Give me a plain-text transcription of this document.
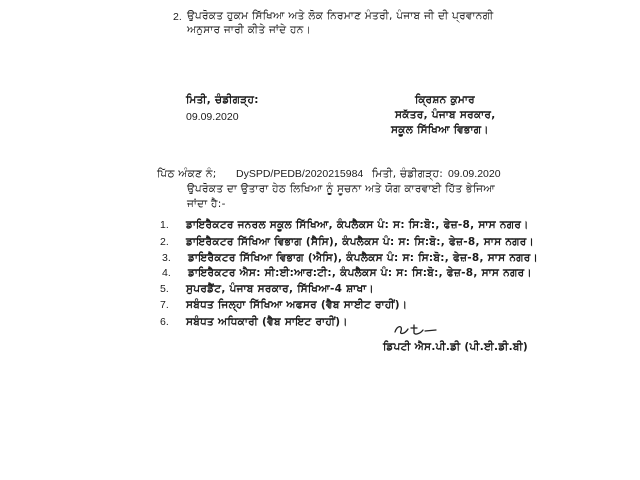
2. ਉਪਰੋਕਤ ਹੁਕਮ ਸਿੱਖਿਆ ਅਤੇ ਲੋਕ ਨਿਰਮਾਣ ਮੰਤਰੀ, ਪੰਜਾਬ ਜੀ ਦੀ ਪ੍ਰਵਾਨਗੀ
ਅਨੁਸਾਰ ਜਾਰੀ ਕੀਤੇ ਜਾਂਦੇ ਹਨ।
ਮਿਤੀ, ਚੰਡੀਗੜ੍ਹ:
09.09.2020
ਕ੍ਰਿਸ਼ਨ ਕੁਮਾਰ
ਸਕੱਤਰ, ਪੰਜਾਬ ਸਰਕਾਰ,
ਸਕੂਲ ਸਿੱਖਿਆ ਵਿਭਾਗ।
ਪਿੱਠ ਅੰਕਣ ਨੰ; DySPD/PEDB/2020215984 ਮਿਤੀ, ਚੰਡੀਗੜ੍ਹ: 09.09.2020
ਉਪਰੋਕਤ ਦਾ ਉਤਾਰਾ ਹੇਠ ਲਿਖਿਆ ਨੂੰ ਸੂਚਨਾ ਅਤੇ ਯੋਗ ਕਾਰਵਾਈ ਹਿੱਤ ਭੇਜਿਆ
ਜਾਂਦਾ ਹੈ:-
1. ਡਾਇਰੈਕਟਰ ਜਨਰਲ ਸਕੂਲ ਸਿੱਖਿਆ, ਕੰਪਲੈਕਸ ਪੰ: ਸ: ਸਿ:ਬੋ:, ਫੇਜ਼-8, ਸਾਸ ਨਗਰ।
2. ਡਾਇਰੈਕਟਰ ਸਿੱਖਿਆ ਵਿਭਾਗ (ਸੈਸਿ), ਕੰਪਲੈਕਸ ਪੰ: ਸ: ਸਿ:ਬੋ:, ਫੇਜ਼-8, ਸਾਸ ਨਗਰ।
3. ਡਾਇਰੈਕਟਰ ਸਿੱਖਿਆ ਵਿਭਾਗ (ਐਸਿ), ਕੰਪਲੈਕਸ ਪੰ: ਸ: ਸਿ:ਬੋ:, ਫੇਜ਼-8, ਸਾਸ ਨਗਰ।
4. ਡਾਇਰੈਕਟਰ ਐਸ: ਸੀ:ਈ:ਆਰ:ਟੀ:, ਕੰਪਲੈਕਸ ਪੰ: ਸ: ਸਿ:ਬੋ:, ਫੇਜ਼-8, ਸਾਸ ਨਗਰ।
5. ਸੁਪਰਡੈਂਟ, ਪੰਜਾਬ ਸਰਕਾਰ, ਸਿੱਖਿਆ-4 ਸ਼ਾਖਾ।
7. ਸਬੰਧਤ ਜਿਲ੍ਹਾ ਸਿੱਖਿਆ ਅਫਸਰ (ਵੈਬ ਸਾਈਟ ਰਾਹੀਂ)।
6. ਸਬੰਧਤ ਅਧਿਕਾਰੀ (ਵੈਬ ਸਾਇਟ ਰਾਹੀਂ)।
ਡਿਪਟੀ ਐਸ.ਪੀ.ਡੀ (ਪੀ.ਈ.ਡੀ.ਬੀ)
